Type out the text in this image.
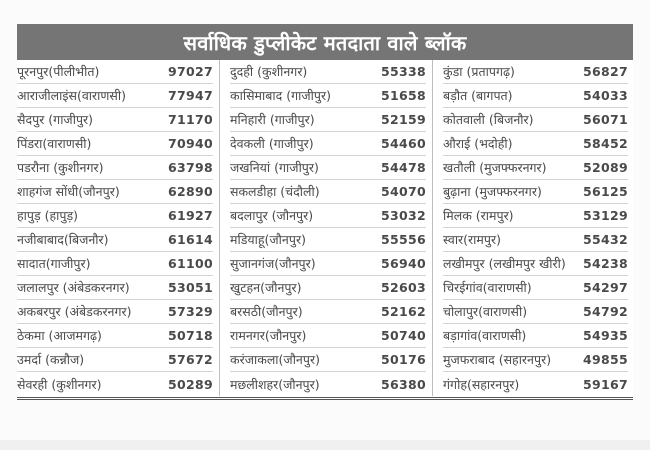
सर्वाधिक डुप्लीकेट मतदाता वाले ब्लॉक
पूरनपुर(पीलीभीत)	97027
आराजीलाइंस(वाराणसी)	77947
सैदपुर (गाजीपुर)	71170
पिंडरा(वाराणसी)	70940
पडरौना (कुशीनगर)	63798
शाहगंज सोंधी(जौनपुर)	62890
हापुड़ (हापुड़)	61927
नजीबाबाद(बिजनौर)	61614
सादात(गाजीपुर)	61100
जलालपुर (अंबेडकरनगर)	53051
अकबरपुर (अंबेडकरनगर)	57329
ठेकमा (आजमगढ़)	50718
उमर्दा (कन्नौज)	57672
सेवरही (कुशीनगर)	50289
दुदही (कुशीनगर)	55338
कासिमाबाद (गाजीपुर)	51658
मनिहारी (गाजीपुर)	52159
देवकली (गाजीपुर)	54460
जखनियां (गाजीपुर)	54478
सकलडीहा (चंदौली)	54070
बदलापुर (जौनपुर)	53032
मडियाहू(जौनपुर)	55556
सुजानगंज(जौनपुर)	56940
खुटहन(जौनपुर)	52603
बरसठी(जौनपुर)	52162
रामनगर(जौनपुर)	50740
करंजाकला(जौनपुर)	50176
मछलीशहर(जौनपुर)	56380
कुंडा (प्रतापगढ़)	56827
बड़ौत (बागपत)	54033
कोतवाली (बिजनौर)	56071
औराई (भदोही)	58452
खतौली (मुजफ्फरनगर)	52089
बुढ़ाना (मुजफ्फरनगर)	56125
मिलक (रामपुर)	53129
स्वार(रामपुर)	55432
लखीमपुर (लखीमपुर खीरी) 54238
चिरईगांव(वाराणसी)	54297
चोलापुर(वाराणसी)	54792
बड़ागांव(वाराणसी)	54935
मुजफराबाद (सहारनपुर)	49855
गंगोह(सहारनपुर)	59167
